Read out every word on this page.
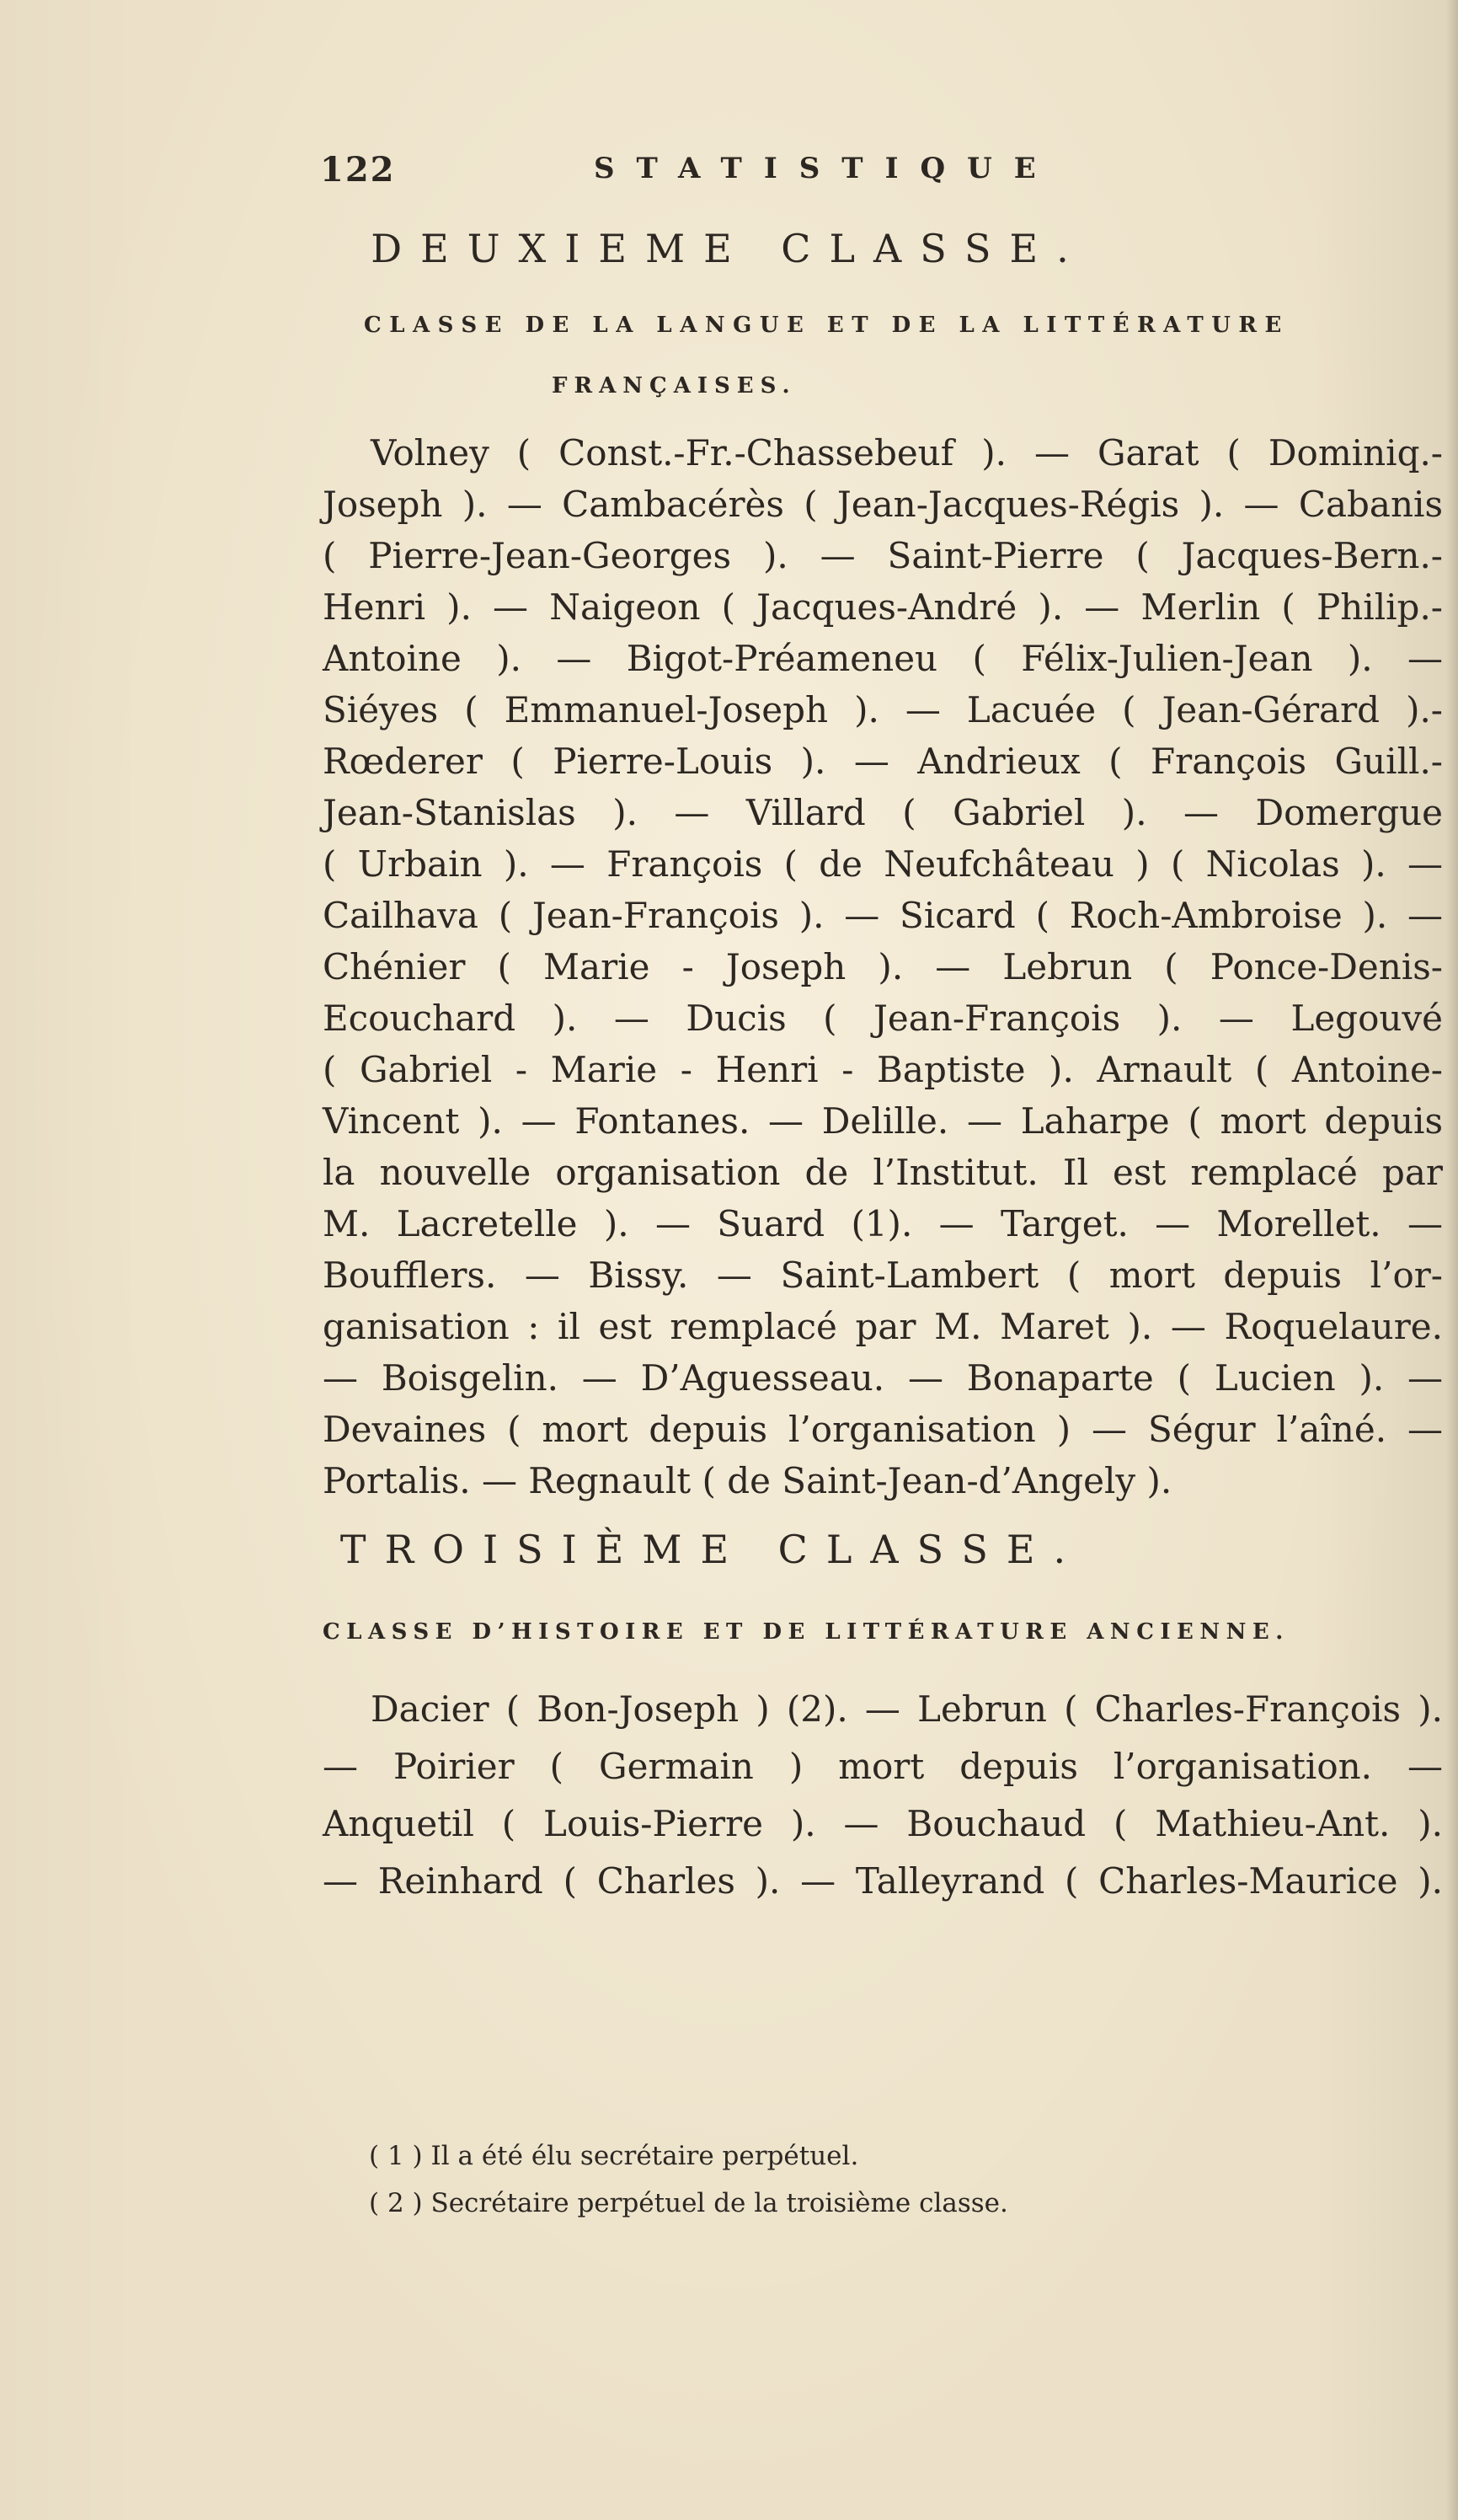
122	STATISTIQUE
DEUXIEME CLASSE.
CLASSE DE LA LANGUE ET DE LA LITTÉRATURE
FRANÇAISES.
Volney ( Const.-Fr.-Chassebeuf ). — Garat ( Dominiq.-
Joseph ). — Cambacérès ( Jean-Jacques-Régis ). — Cabanis
( Pierre-Jean-Georges ). — Saint-Pierre ( Jacques-Bern.-
Henri ). — Naigeon ( Jacques-André ). — Merlin ( Philip.-
Antoine ). — Bigot-Préameneu ( Félix-Julien-Jean ). —
Siéyes ( Emmanuel-Joseph ). — Lacuée ( Jean-Gérard ).-
Rœderer ( Pierre-Louis ). — Andrieux ( François Guill.-
Jean-Stanislas ). — Villard ( Gabriel ). — Domergue
( Urbain ). — François ( de Neufchâteau ) ( Nicolas ). —
Cailhava ( Jean-François ). — Sicard ( Roch-Ambroise ). —
Chénier ( Marie - Joseph ). — Lebrun ( Ponce-Denis-
Ecouchard ). — Ducis ( Jean-François ). — Legouvé
( Gabriel - Marie - Henri - Baptiste ). Arnault ( Antoine-
Vincent ). — Fontanes. — Delille. — Laharpe ( mort depuis
la nouvelle organisation de l’Institut. Il est remplacé par
M. Lacretelle ). — Suard (1). — Target. — Morellet. —
Boufflers. — Bissy. — Saint-Lambert ( mort depuis l’or-
ganisation : il est remplacé par M. Maret ). — Roquelaure.
— Boisgelin. — D’Aguesseau. — Bonaparte ( Lucien ). —
Devaines ( mort depuis l’organisation ) — Ségur l’aîné. —
Portalis. — Regnault ( de Saint-Jean-d’Angely ).
TROISIÈME CLASSE.
CLASSE D’HISTOIRE ET DE LITTÉRATURE ANCIENNE.
Dacier ( Bon-Joseph ) (2). — Lebrun ( Charles-François ).
— Poirier ( Germain ) mort depuis l’organisation. —
Anquetil ( Louis-Pierre ). — Bouchaud ( Mathieu-Ant. ).
— Reinhard ( Charles ). — Talleyrand ( Charles-Maurice ).
( 1 ) Il a été élu secrétaire perpétuel.
( 2 ) Secrétaire perpétuel de la troisième classe.
